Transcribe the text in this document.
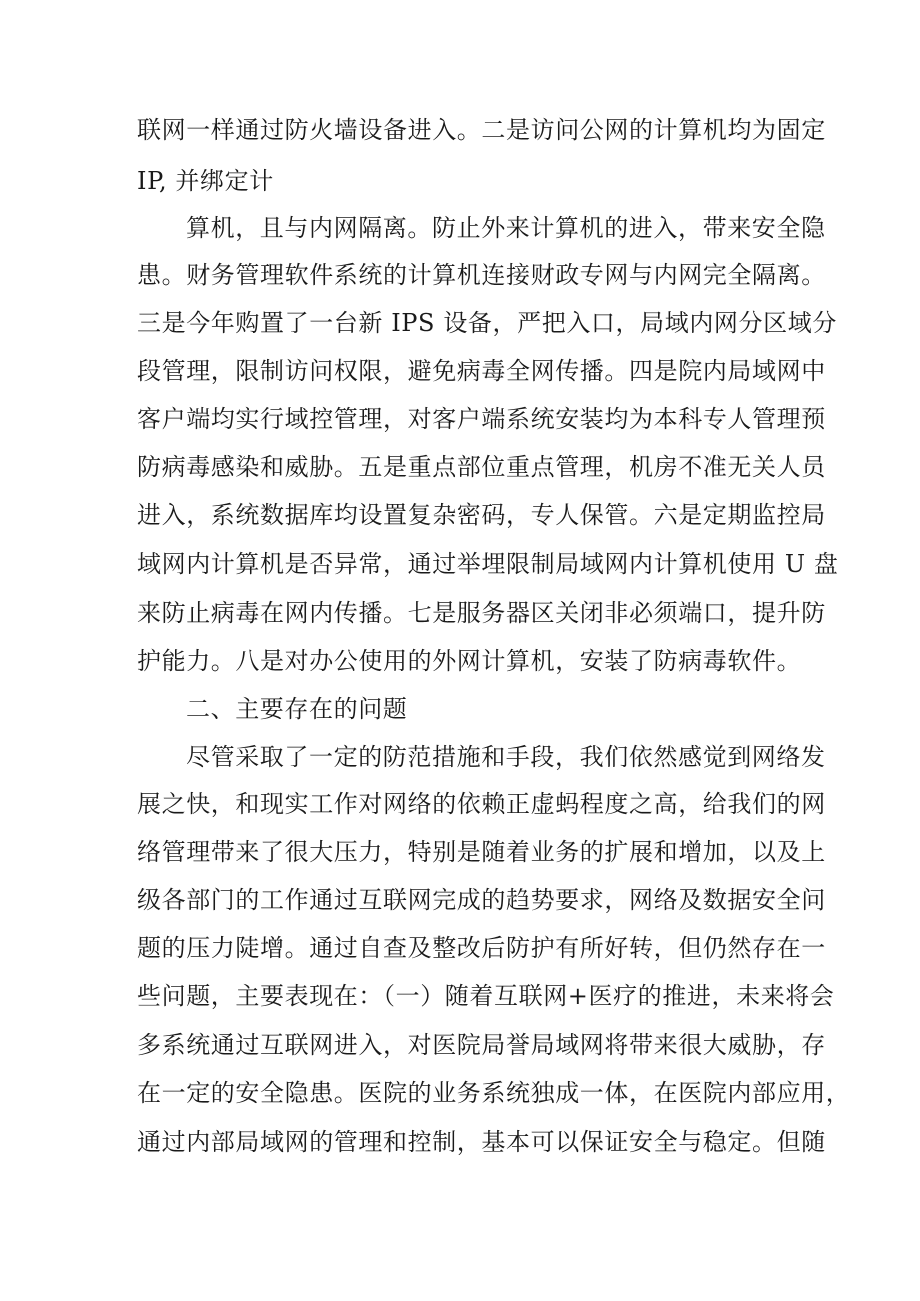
联网一样通过防火墙设备进入。二是访问公网的计算机均为固定
IP, 并绑定计
算机，且与内网隔离。防止外来计算机的进入，带来安全隐
患。财务管理软件系统的计算机连接财政专网与内网完全隔离。
三是今年购置了一台新 IPS 设备，严把入口，局域内网分区域分
段管理，限制访问权限，避免病毒全网传播。四是院内局域网中
客户端均实行域控管理，对客户端系统安装均为本科专人管理预
防病毒感染和威胁。五是重点部位重点管理，机房不准无关人员
进入，系统数据库均设置复杂密码，专人保管。六是定期监控局
域网内计算机是否异常，通过举埋限制局域网内计算机使用 U 盘
来防止病毒在网内传播。七是服务器区关闭非必须端口，提升防
护能力。八是对办公使用的外网计算机，安装了防病毒软件。
二、主要存在的问题
尽管采取了一定的防范措施和手段，我们依然感觉到网络发
展之快，和现实工作对网络的依赖正虚蚂程度之高，给我们的网
络管理带来了很大压力，特别是随着业务的扩展和增加，以及上
级各部门的工作通过互联网完成的趋势要求，网络及数据安全问
题的压力陡增。通过自查及整改后防护有所好转，但仍然存在一
些问题，主要表现在：（一）随着互联网+医疗的推进，未来将会
多系统通过互联网进入，对医院局誉局域网将带来很大威胁，存
在一定的安全隐患。医院的业务系统独成一体，在医院内部应用，
通过内部局域网的管理和控制，基本可以保证安全与稳定。但随
